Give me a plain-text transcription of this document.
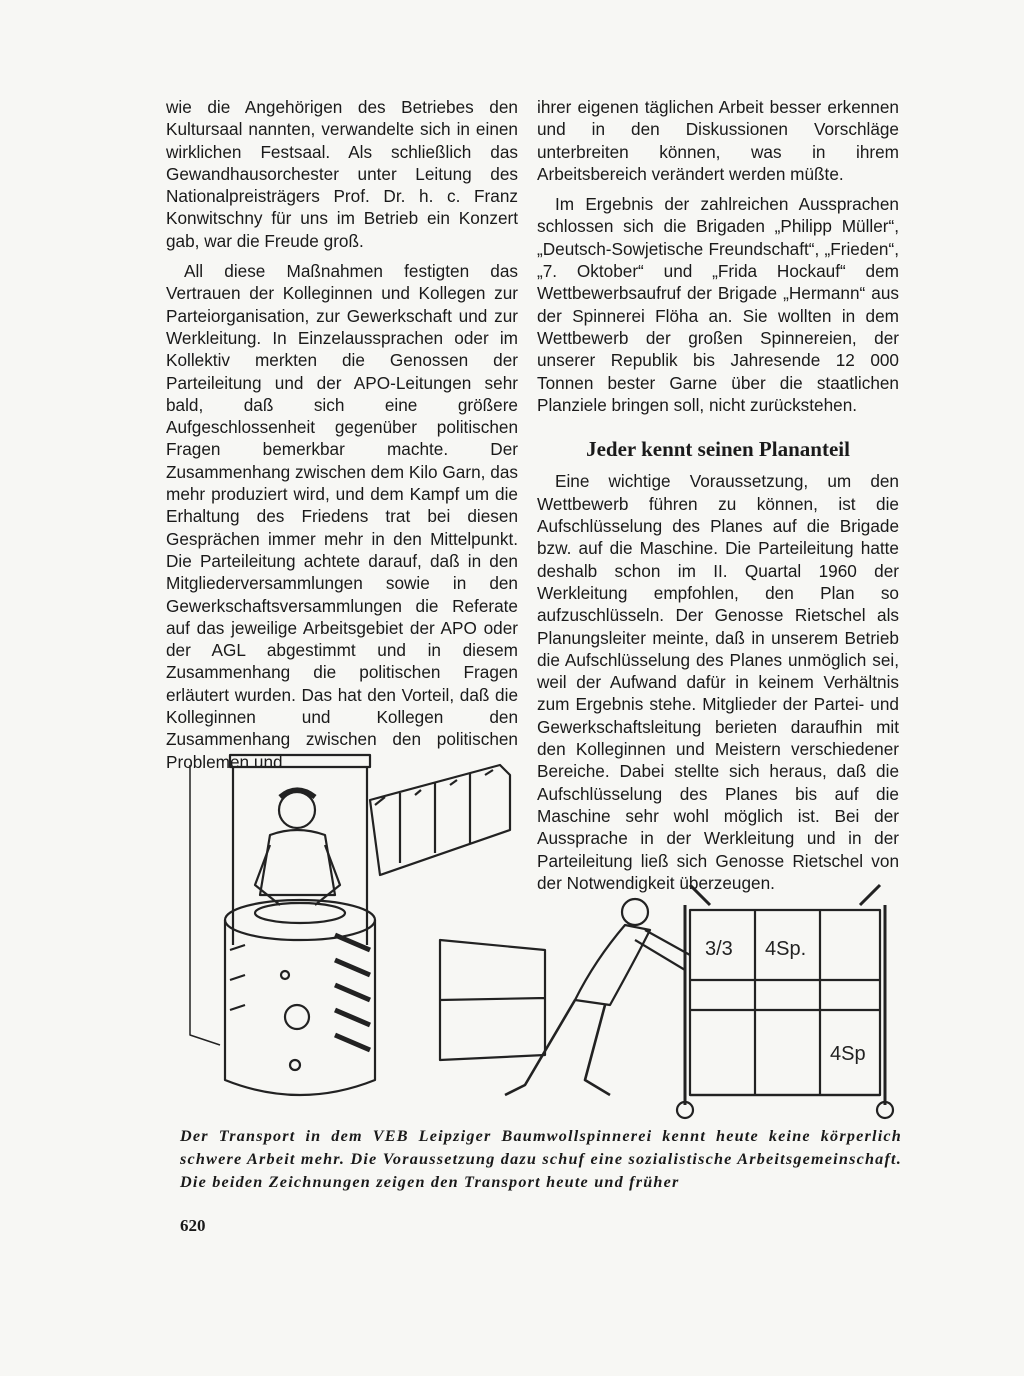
wie die Angehörigen des Betriebes den Kultursaal nannten, verwandelte sich in einen wirklichen Festsaal. Als schließlich das Gewandhausorchester unter Leitung des Nationalpreisträgers Prof. Dr. h. c. Franz Konwitschny für uns im Betrieb ein Konzert gab, war die Freude groß.

All diese Maßnahmen festigten das Vertrauen der Kolleginnen und Kollegen zur Parteiorganisation, zur Gewerkschaft und zur Werkleitung. In Einzelaussprachen oder im Kollektiv merkten die Genossen der Parteileitung und der APO-Leitungen sehr bald, daß sich eine größere Aufgeschlossenheit gegenüber politischen Fragen bemerkbar machte. Der Zusammenhang zwischen dem Kilo Garn, das mehr produziert wird, und dem Kampf um die Erhaltung des Friedens trat bei diesen Gesprächen immer mehr in den Mittelpunkt. Die Parteileitung achtete darauf, daß in den Mitgliederversammlungen sowie in den Gewerkschaftsversammlungen die Referate auf das jeweilige Arbeitsgebiet der APO oder der AGL abgestimmt und in diesem Zusammenhang die politischen Fragen erläutert wurden. Das hat den Vorteil, daß die Kolleginnen und Kollegen den Zusammenhang zwischen den politischen Problemen und

ihrer eigenen täglichen Arbeit besser erkennen und in den Diskussionen Vorschläge unterbreiten können, was in ihrem Arbeitsbereich verändert werden müßte.

Im Ergebnis der zahlreichen Aussprachen schlossen sich die Brigaden „Philipp Müller“, „Deutsch-Sowjetische Freundschaft“, „Frieden“, „7. Oktober“ und „Frida Hockauf“ dem Wettbewerbsaufruf der Brigade „Hermann“ aus der Spinnerei Flöha an. Sie wollten in dem Wettbewerb der großen Spinnereien, der unserer Republik bis Jahresende 12 000 Tonnen bester Garne über die staatlichen Planziele bringen soll, nicht zurückstehen.

Jeder kennt seinen Plananteil

Eine wichtige Voraussetzung, um den Wettbewerb führen zu können, ist die Aufschlüsselung des Planes auf die Brigade bzw. auf die Maschine. Die Parteileitung hatte deshalb schon im II. Quartal 1960 der Werkleitung empfohlen, den Plan so aufzuschlüsseln. Der Genosse Rietschel als Planungsleiter meinte, daß in unserem Betrieb die Aufschlüsselung des Planes unmöglich sei, weil der Aufwand dafür in keinem Verhältnis zum Ergebnis stehe. Mitglieder der Partei- und Gewerkschaftsleitung berieten daraufhin mit den Kolleginnen und Meistern verschiedener Bereiche. Dabei stellte sich heraus, daß die Aufschlüsselung des Planes bis auf die Maschine sehr wohl möglich ist. Bei der Aussprache in der Werkleitung und in der Parteileitung ließ sich Genosse Rietschel von der Notwendigkeit überzeugen.

3/3 4Sp.
4Sp
Der Transport in dem VEB Leipziger Baumwollspinnerei kennt heute keine körperlich schwere Arbeit mehr. Die Voraussetzung dazu schuf eine sozialistische Arbeitsgemeinschaft. Die beiden Zeichnungen zeigen den Transport heute und früher
620
